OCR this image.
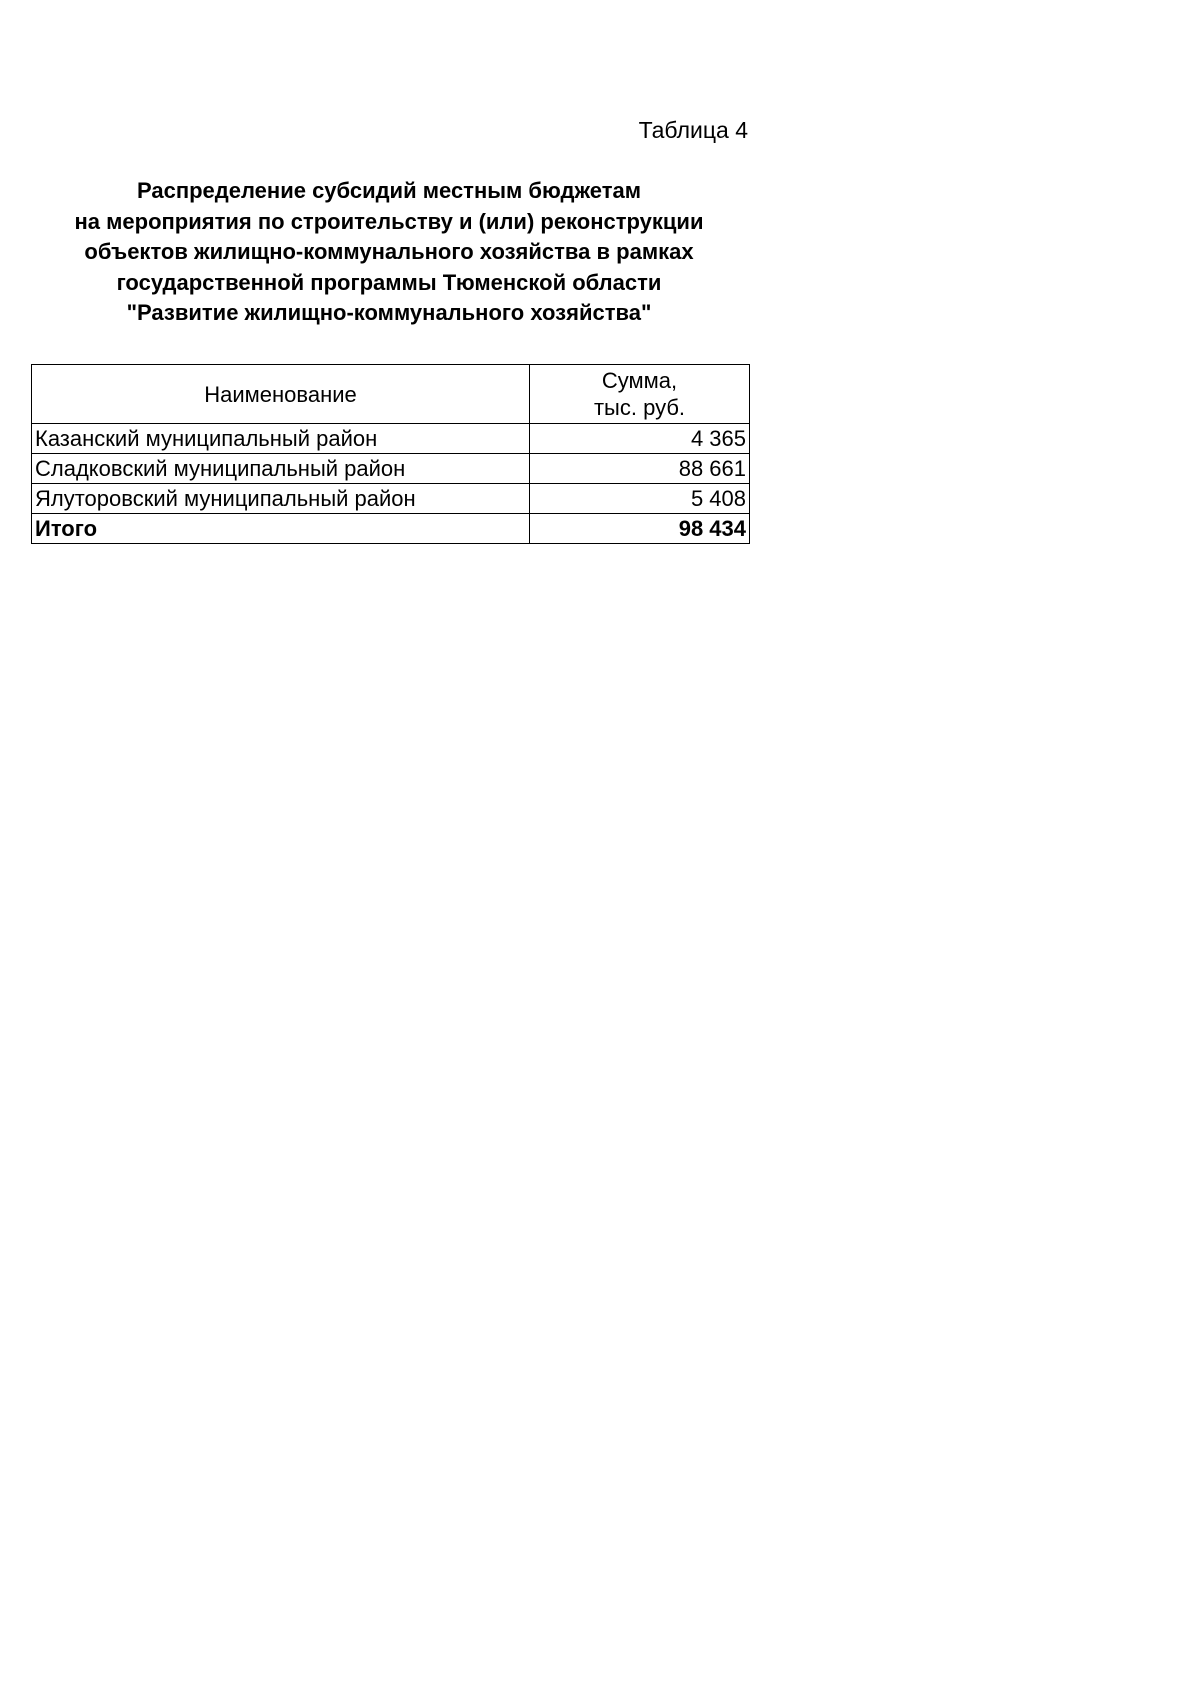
Таблица 4
Распределение субсидий местным бюджетам
на мероприятия по строительству и (или) реконструкции
объектов жилищно-коммунального хозяйства в рамках
государственной программы Тюменской области
"Развитие жилищно-коммунального хозяйства"
Наименование	Сумма,
тыс. руб.

Казанский муниципальный район	4 365
Сладковский муниципальный район	88 661
Ялуторовский муниципальный район	5 408
Итого	98 434
